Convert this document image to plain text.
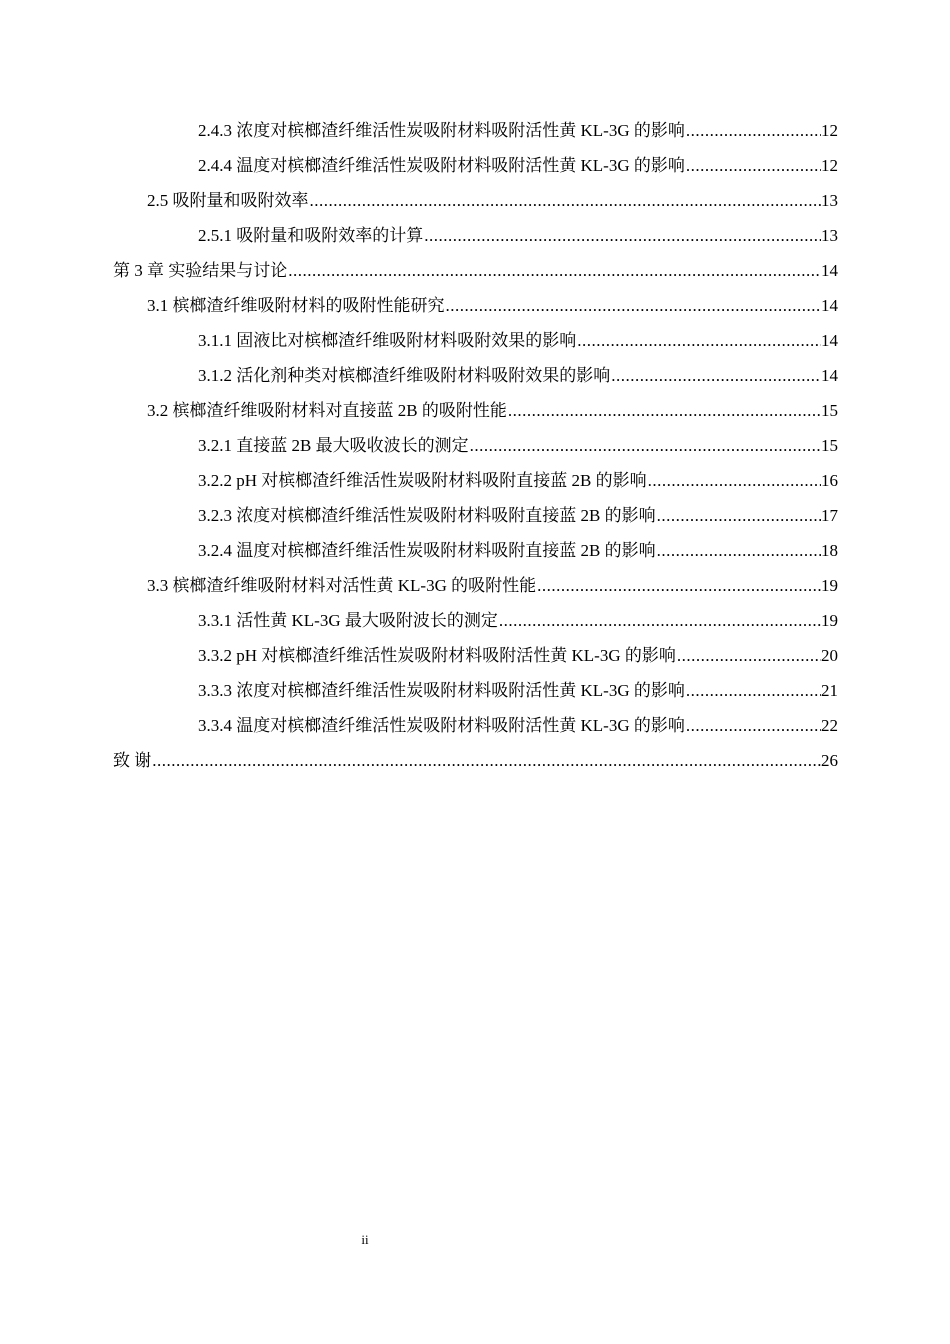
2.4.3 浓度对槟榔渣纤维活性炭吸附材料吸附活性黄 KL-3G 的影响 .....	12
2.4.4 温度对槟榔渣纤维活性炭吸附材料吸附活性黄 KL-3G 的影响 .....	12
2.5 吸附量和吸附效率 .....	13
2.5.1 吸附量和吸附效率的计算 .....	13
第 3 章 实验结果与讨论 .....	14
3.1 槟榔渣纤维吸附材料的吸附性能研究 .....	14
3.1.1 固液比对槟榔渣纤维吸附材料吸附效果的影响 .....	14
3.1.2 活化剂种类对槟榔渣纤维吸附材料吸附效果的影响 .....	14
3.2 槟榔渣纤维吸附材料对直接蓝 2B 的吸附性能 .....	15
3.2.1 直接蓝 2B 最大吸收波长的测定 .....	15
3.2.2 pH 对槟榔渣纤维活性炭吸附材料吸附直接蓝 2B 的影响 .....	16
3.2.3 浓度对槟榔渣纤维活性炭吸附材料吸附直接蓝 2B 的影响 .....	17
3.2.4 温度对槟榔渣纤维活性炭吸附材料吸附直接蓝 2B 的影响 .....	18
3.3 槟榔渣纤维吸附材料对活性黄 KL-3G 的吸附性能 .....	19
3.3.1 活性黄 KL-3G 最大吸附波长的测定 .....	19
3.3.2 pH 对槟榔渣纤维活性炭吸附材料吸附活性黄 KL-3G 的影响 .....	20
3.3.3 浓度对槟榔渣纤维活性炭吸附材料吸附活性黄 KL-3G 的影响 .....	21
3.3.4 温度对槟榔渣纤维活性炭吸附材料吸附活性黄 KL-3G 的影响 .....	22
致 谢 .....	26
ii
